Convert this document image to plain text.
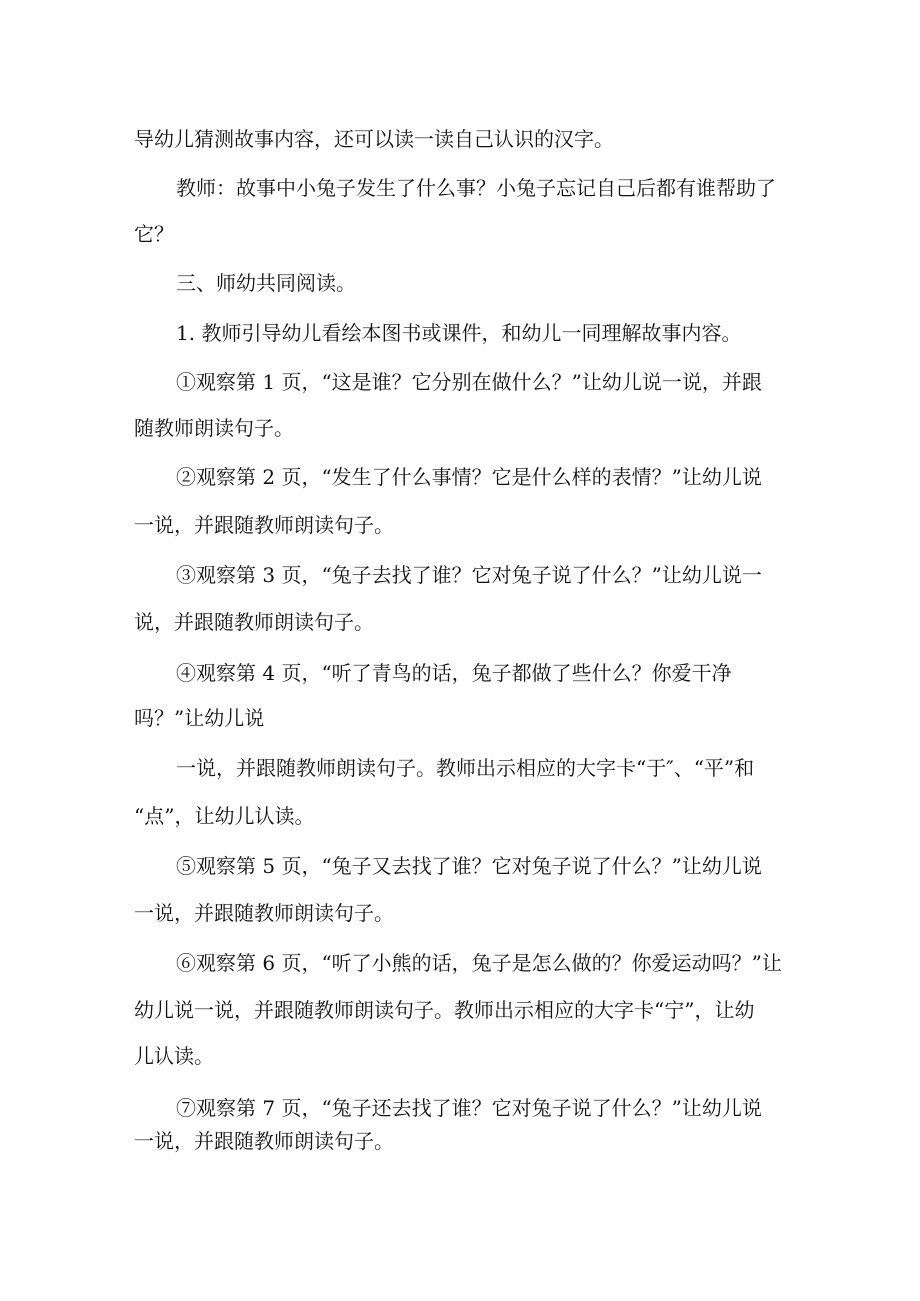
导幼儿猜测故事内容，还可以读一读自己认识的汉字。

教师：故事中小兔子发生了什么事？小兔子忘记自己后都有谁帮助了

它？

三、师幼共同阅读。

1. 教师引导幼儿看绘本图书或课件，和幼儿一同理解故事内容。

①观察第 1 页，“这是谁？它分别在做什么？”让幼儿说一说，并跟

随教师朗读句子。

②观察第 2 页，“发生了什么事情？它是什么样的表情？”让幼儿说

一说，并跟随教师朗读句子。

③观察第 3 页，“兔子去找了谁？它对兔子说了什么？”让幼儿说一

说，并跟随教师朗读句子。

④观察第 4 页，“听了青鸟的话，兔子都做了些什么？你爱干净

吗？”让幼儿说

一说，并跟随教师朗读句子。教师出示相应的大字卡“于″、“平”和

“点”，让幼儿认读。

⑤观察第 5 页，“兔子又去找了谁？它对兔子说了什么？”让幼儿说

一说，并跟随教师朗读句子。

⑥观察第 6 页，“听了小熊的话，兔子是怎么做的？你爱运动吗？”让

幼儿说一说，并跟随教师朗读句子。教师出示相应的大字卡“宁”，让幼

儿认读。

⑦观察第 7 页，“兔子还去找了谁？它对兔子说了什么？”让幼儿说

一说，并跟随教师朗读句子。
